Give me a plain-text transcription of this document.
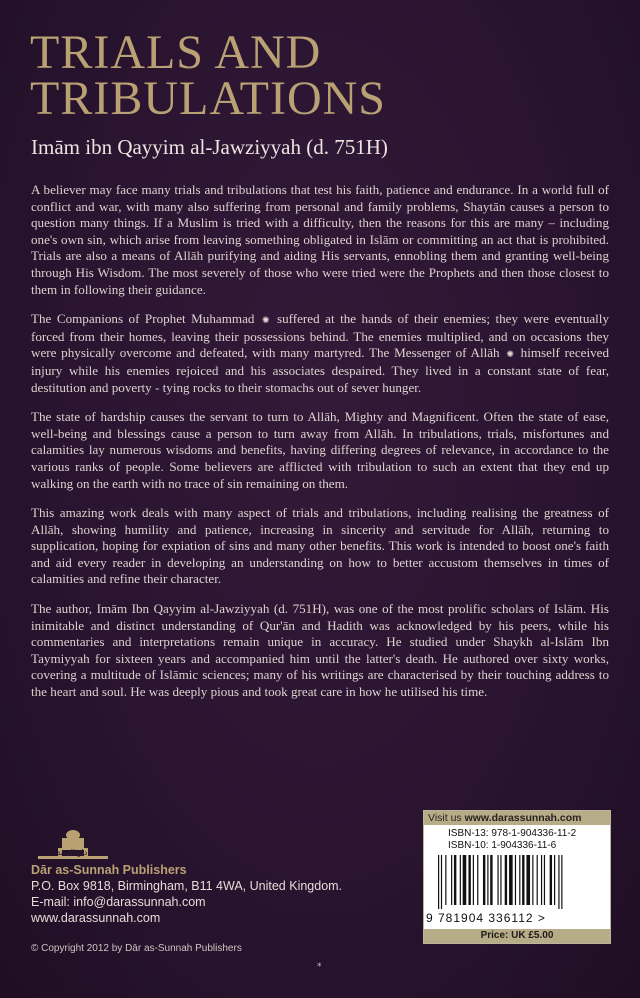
TRIALS AND
TRIBULATIONS
Imām ibn Qayyim al-Jawziyyah (d. 751H)

A believer may face many trials and tribulations that test his faith, patience and endurance. In a world full of conflict and war, with many also suffering from personal and family problems, Shaytān causes a person to question many things. If a Muslim is tried with a difficulty, then the reasons for this are many – including one's own sin, which arise from leaving something obligated in Islām or committing an act that is prohibited. Trials are also a means of Allāh purifying and aiding His servants, ennobling them and granting well-being through His Wisdom. The most severely of those who were tried were the Prophets and then those closest to them in following their guidance.

The Companions of Prophet Muhammad ✺ suffered at the hands of their enemies; they were eventually forced from their homes, leaving their possessions behind. The enemies multiplied, and on occasions they were physically overcome and defeated, with many martyred. The Messenger of Allāh ✺ himself received injury while his enemies rejoiced and his associates despaired. They lived in a constant state of fear, destitution and poverty - tying rocks to their stomachs out of sever hunger.

The state of hardship causes the servant to turn to Allāh, Mighty and Magnificent. Often the state of ease, well-being and blessings cause a person to turn away from Allāh. In tribulations, trials, misfortunes and calamities lay numerous wisdoms and benefits, having differing degrees of relevance, in accordance to the various ranks of people. Some believers are afflicted with tribulation to such an extent that they end up walking on the earth with no trace of sin remaining on them.

This amazing work deals with many aspect of trials and tribulations, including realising the greatness of Allāh, showing humility and patience, increasing in sincerity and servitude for Allāh, returning to supplication, hoping for expiation of sins and many other benefits. This work is intended to boost one's faith and aid every reader in developing an understanding on how to better accustom themselves in times of calamities and refine their character.

The author, Imām Ibn Qayyim al-Jawziyyah (d. 751H), was one of the most prolific scholars of Islām. His inimitable and distinct understanding of Qur'ān and Hadith was acknowledged by his peers, while his commentaries and interpretations remain unique in accuracy. He studied under Shaykh al-Islām Ibn Taymiyyah for sixteen years and accompanied him until the latter's death. He authored over sixty works, covering a multitude of Islāmic sciences; many of his writings are characterised by their touching address to the heart and soul. He was deeply pious and took great care in how he utilised his time.

دار السنة
Dār as-Sunnah Publishers
P.O. Box 9818, Birmingham, B11 4WA, United Kingdom.
E-mail: info@darassunnah.com
www.darassunnah.com
© Copyright 2012 by Dār as-Sunnah Publishers
*
Visit us www.darassunnah.com
ISBN-13: 978-1-904336-11-2
ISBN-10: 1-904336-11-6
9 781904 336112 >
Price: UK £5.00
